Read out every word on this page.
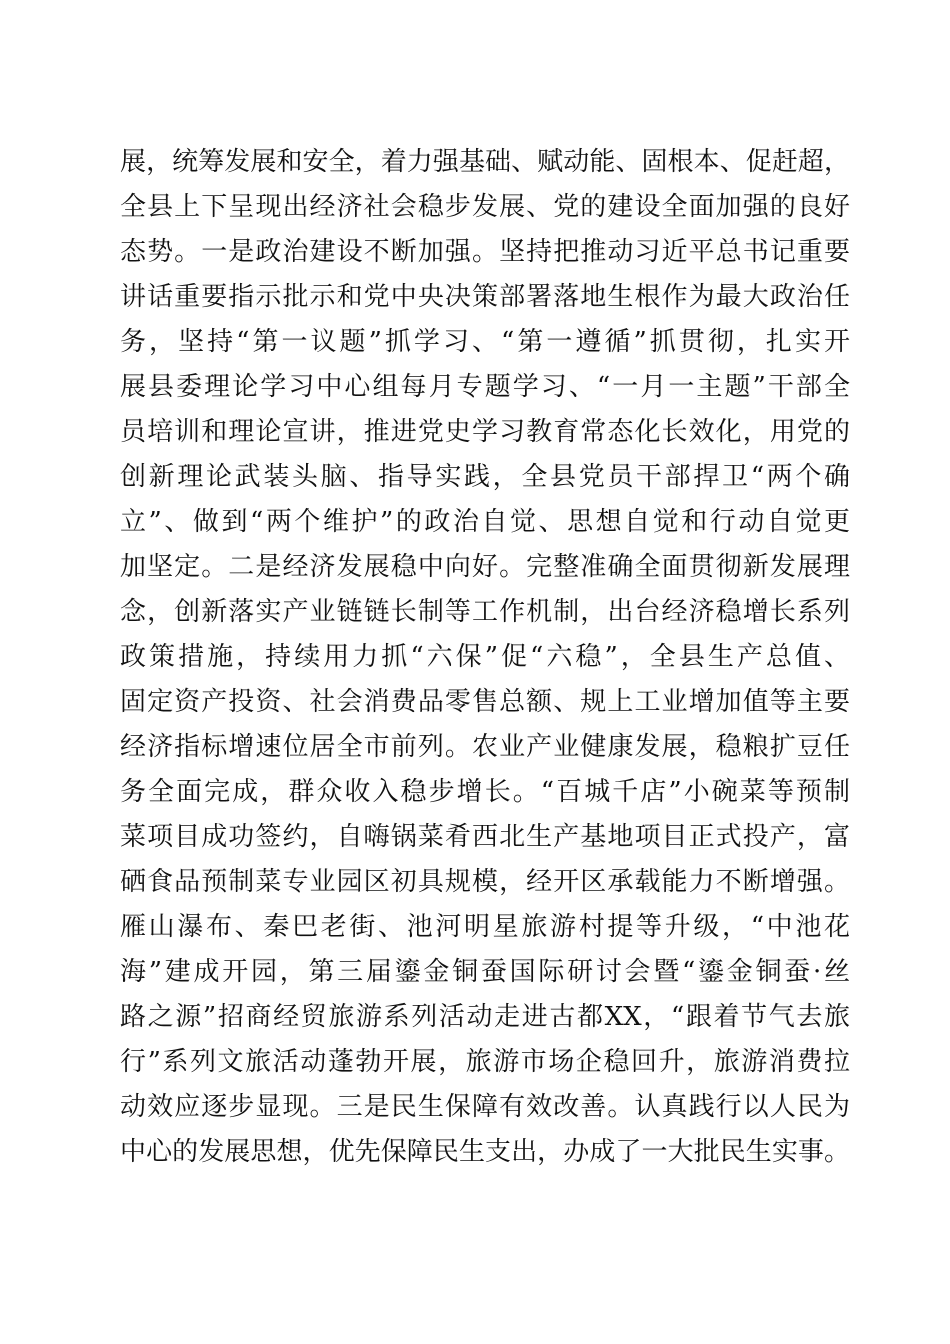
展，统筹发展和安全，着力强基础、赋动能、固根本、促赶超，
全县上下呈现出经济社会稳步发展、党的建设全面加强的良好
态势。一是政治建设不断加强。坚持把推动习近平总书记重要
讲话重要指示批示和党中央决策部署落地生根作为最大政治任
务，坚持“第一议题”抓学习、“第一遵循”抓贯彻，扎实开
展县委理论学习中心组每月专题学习、“一月一主题”干部全
员培训和理论宣讲，推进党史学习教育常态化长效化，用党的
创新理论武装头脑、指导实践，全县党员干部捍卫“两个确
立”、做到“两个维护”的政治自觉、思想自觉和行动自觉更
加坚定。二是经济发展稳中向好。完整准确全面贯彻新发展理
念，创新落实产业链链长制等工作机制，出台经济稳增长系列
政策措施，持续用力抓“六保”促“六稳”，全县生产总值、
固定资产投资、社会消费品零售总额、规上工业增加值等主要
经济指标增速位居全市前列。农业产业健康发展，稳粮扩豆任
务全面完成，群众收入稳步增长。“百城千店”小碗菜等预制
菜项目成功签约，自嗨锅菜肴西北生产基地项目正式投产，富
硒食品预制菜专业园区初具规模，经开区承载能力不断增强。
雁山瀑布、秦巴老街、池河明星旅游村提等升级，“中池花
海”建成开园，第三届鎏金铜蚕国际研讨会暨“鎏金铜蚕·丝
路之源”招商经贸旅游系列活动走进古都XX，“跟着节气去旅
行”系列文旅活动蓬勃开展，旅游市场企稳回升，旅游消费拉
动效应逐步显现。三是民生保障有效改善。认真践行以人民为
中心的发展思想，优先保障民生支出，办成了一大批民生实事。
